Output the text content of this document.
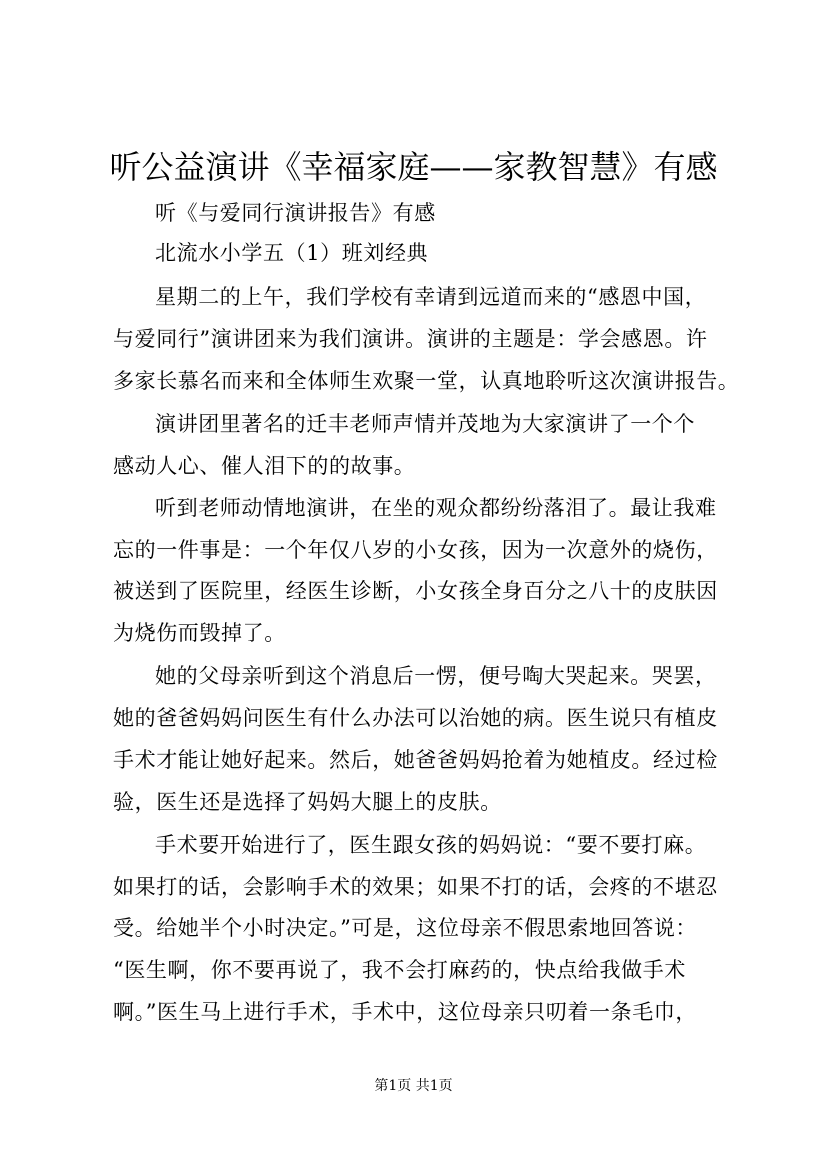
听公益演讲《幸福家庭——家教智慧》有感
听《与爱同行演讲报告》有感
北流水小学五（1）班刘经典
星期二的上午，我们学校有幸请到远道而来的“感恩中国，
与爱同行”演讲团来为我们演讲。演讲的主题是：学会感恩。许
多家长慕名而来和全体师生欢聚一堂，认真地聆听这次演讲报告。
演讲团里著名的迁丰老师声情并茂地为大家演讲了一个个
感动人心、催人泪下的的故事。
听到老师动情地演讲，在坐的观众都纷纷落泪了。最让我难
忘的一件事是：一个年仅八岁的小女孩，因为一次意外的烧伤，
被送到了医院里，经医生诊断，小女孩全身百分之八十的皮肤因
为烧伤而毁掉了。
她的父母亲听到这个消息后一愣，便号啕大哭起来。哭罢，
她的爸爸妈妈问医生有什么办法可以治她的病。医生说只有植皮
手术才能让她好起来。然后，她爸爸妈妈抢着为她植皮。经过检
验，医生还是选择了妈妈大腿上的皮肤。
手术要开始进行了，医生跟女孩的妈妈说：“要不要打麻。
如果打的话，会影响手术的效果；如果不打的话，会疼的不堪忍
受。给她半个小时决定。”可是，这位母亲不假思索地回答说：
“医生啊，你不要再说了，我不会打麻药的，快点给我做手术
啊。”医生马上进行手术，手术中，这位母亲只叨着一条毛巾，
第1页 共1页
